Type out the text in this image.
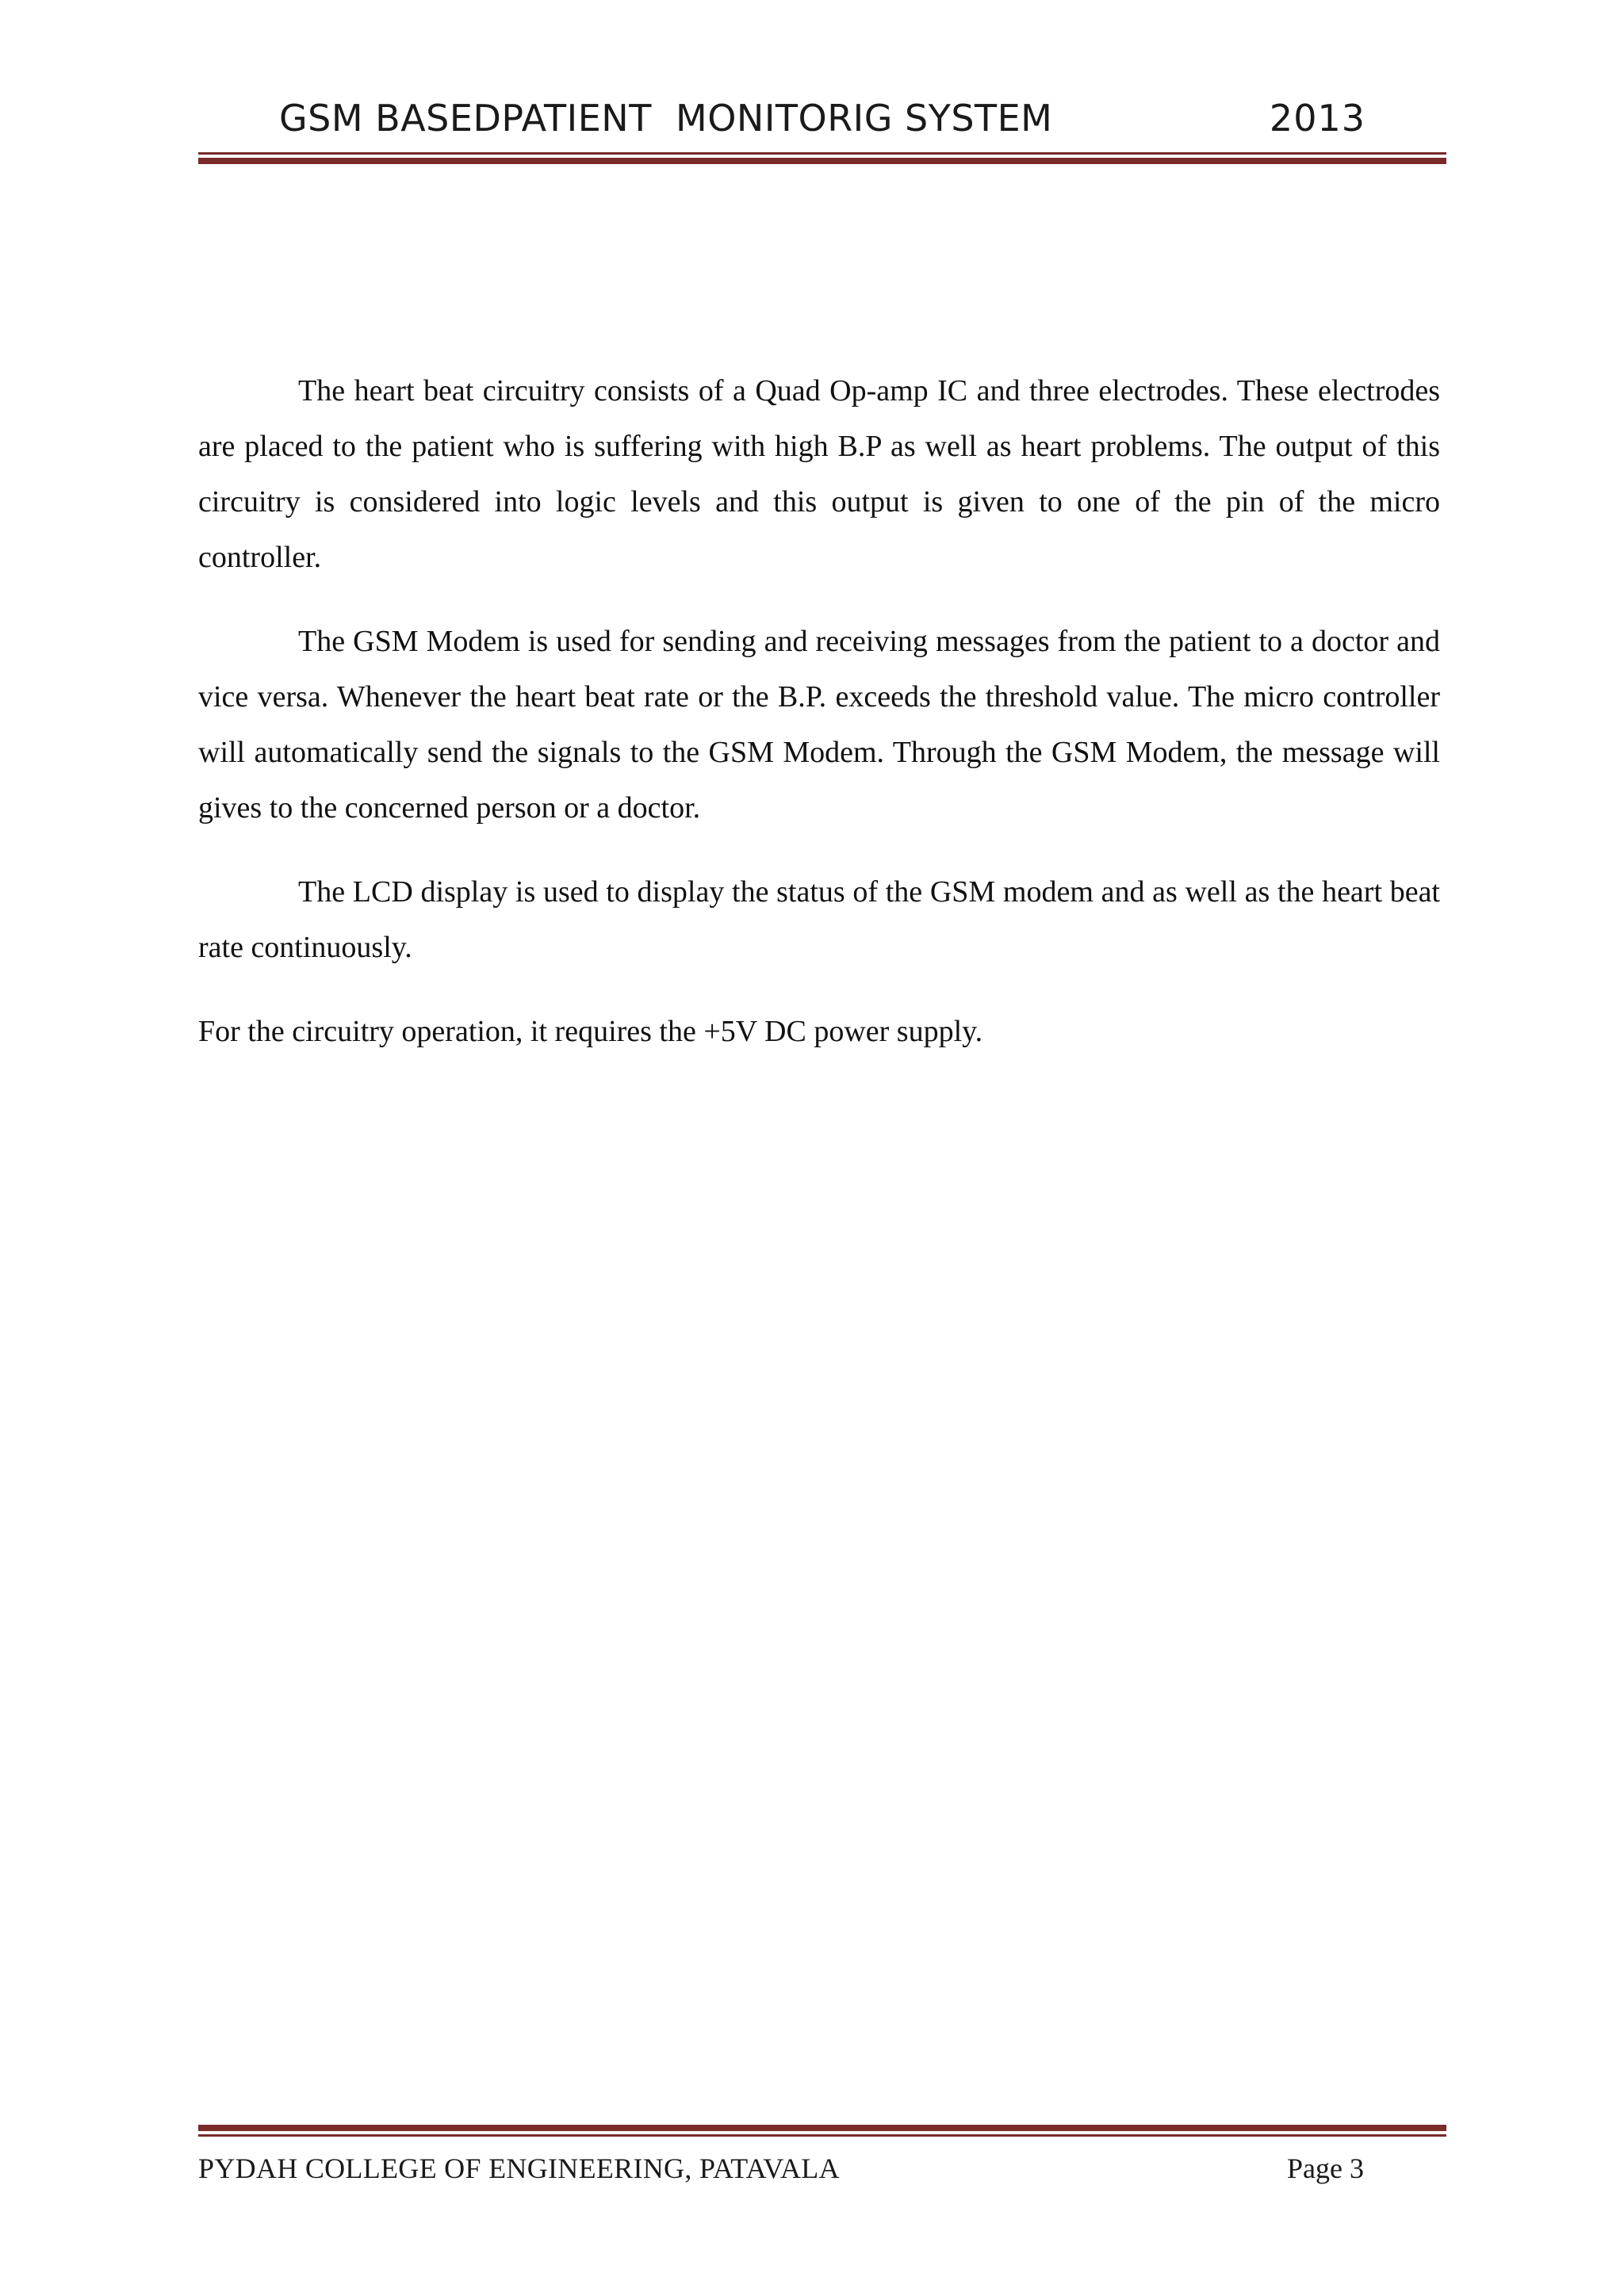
GSM BASEDPATIENT  MONITORIG SYSTEM	2013

The heart beat circuitry consists of a Quad Op-amp IC and three electrodes. These electrodes are placed to the patient who is suffering with high B.P as well as heart problems. The output of this circuitry is considered into logic levels and this output is given to one of the pin of the micro controller.

The GSM Modem is used for sending and receiving messages from the patient to a doctor and vice versa. Whenever the heart beat rate or the B.P. exceeds the threshold value. The micro controller will automatically send the signals to the GSM Modem. Through the GSM Modem, the message will gives to the concerned person or a doctor.

The LCD display is used to display the status of the GSM modem and as well as the heart beat rate continuously.

For the circuitry operation, it requires the +5V DC power supply.

PYDAH COLLEGE OF ENGINEERING, PATAVALA	Page 3
